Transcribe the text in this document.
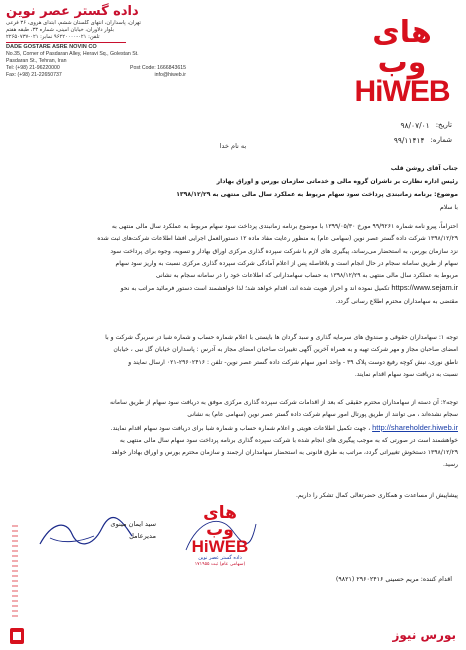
داده گستر عصر نوین
تهران، پاسداران، انتهای گلستان ششم، ابتدای هروی، ۳۶ فرعی
بلوار دلاوران، خیابان امینی، شماره ۳۳، طبقه هفتم
تلفن: ۰۲۱-۹۶۲۲۰۰۰۰ نمابر: ۰۲۱-۲۲۶۵۰۷۳۷
DADE GOSTARE ASRE NOVIN CO
No.35, Corner of Pasdaran Alley, Heravi Sq., Golestan St.
Pasdaran St., Tehran, Iran
Tel: (+98) 21-96220000	Post Code: 1666843615
Fax: (+98) 21-22650737	info@hiweb.ir
های وب
HiWEB
تاریخ:
۹۸/۰۷/۰۱
شماره:
۹۹/۱۱۴۱۴
به نام خدا
جناب آقای روشن قلب
رئیس اداره نظارت بر ناشران گروه مالی و خدماتی سازمان بورس و اوراق بهادار
موضوع: برنامه زمانبندی پرداخت سود سهام مربوط به عملکرد سال مالی منتهی به ۱۳۹۸/۱۲/۲۹
با سلام
احتراماً، پیرو نامه شماره ۹۹/۹۲۶۱ مورخ ۱۳۹۹/۰۵/۳۰ با موضوع برنامه زمانبندی پرداخت سود سهام مربوط به عملکرد سال مالی منتهی به
۱۳۹۸/۱۲/۲۹ شرکت داده گستر عصر نوین (سهامی عام) به منظور رعایت مفاد ماده ۱۲ دستورالعمل اجرایی افشا اطلاعات شرکت‌های ثبت شده
نزد سازمان بورس، به استحضار می‌رساند، پیگیری های لازم با شرکت سپرده گذاری مرکزی اوراق بهادار و تسویه، وجوه برای پرداخت سود
سهام از طریق سامانه سجام در حال انجام است و بلافاصله پس از اعلام آمادگی شرکت سپرده گذاری مرکزی نسبت به واریز سود سهام
مربوط به عملکرد سال مالی منتهی به ۱۳۹۸/۱۲/۲۹ به حساب سهامدارانی که اطلاعات خود را در سامانه سجام به نشانی
https://www.sejam.ir تکمیل نموده اند و احراز هویت شده اند، اقدام خواهد شد؛ لذا خواهشمند است دستور فرمائید مراتب به نحو
مقتضی به سهامداران محترم اطلاع رسانی گردد.
توجه ۱: سهامداران حقوقی و صندوق های سرمایه گذاری و سبد گردان ها بایستی با اعلام شماره حساب و شماره شبا در سربرگ شرکت و با
امضای صاحبان مجاز و مهر شرکت تهیه و به همراه آخرین آگهی تغییرات صاحبان امضای مجاز به آدرس : پاسداران خیابان گل نبی ، خیابان
ناطق نوری، نبش کوچه رفیع دوست پلاک ۳۹ - واحد امور سهام شرکت داده گستر عصر نوین- تلفن : ۲۹۶۰۲۴۱۶-۰۲۱ ارسال نمایند و
نسبت به دریافت سود سهام اقدام نمایند.
توجه۲: آن دسته از سهامداران محترم حقیقی که بعد از اقدامات شرکت سپرده گذاری مرکزی موفق به دریافت سود سهام از طریق سامانه
سجام نشده‌اند ، می توانند از طریق پورتال امور سهام شرکت داده گستر عصر نوین (سهامی عام) به نشانی
http://shareholder.hiweb.ir ، جهت تکمیل اطلاعات هویتی و اعلام شماره حساب و شماره شبا برای دریافت سود سهام اقدام نمایند.
خواهشمند است در صورتی که به موجب پیگیری های انجام شده با شرکت سپرده گذاری برنامه پرداخت سود سهام سال مالی منتهی به
۱۳۹۸/۱۲/۲۹ دستخوش تغییراتی گردد، مراتب به طرق قانونی به استحضار سهامداران ارجمند و سازمان محترم بورس و اوراق بهادار خواهد
رسید.
پیشاپیش از مساعدت و همکاری حضرتعالی کمال تشکر را داریم.
سید ایمان مینوی
مدیرعامل
های وب
HiWEB
داده گستر عصر نوین
(سهامی عام) ثبت ۱۷۱۹۵۵
اقدام کننده: مریم حسینی ۲۹۶۰۲۴۱۶ (۹۸۲۱)
بورس نیوز
